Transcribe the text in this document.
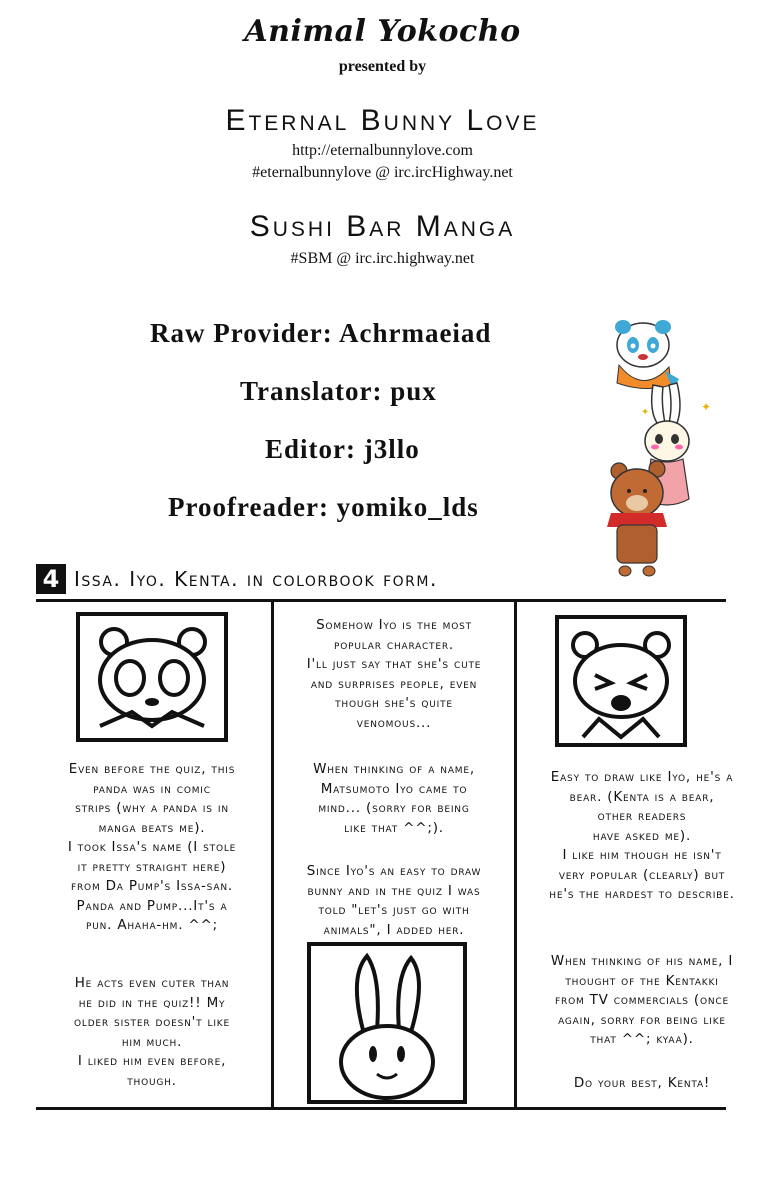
Animal Yokocho
presented by
Eternal Bunny Love
http://eternalbunnylove.com
#eternalbunnylove @ irc.ircHighway.net
Sushi Bar Manga
#SBM @ irc.irc.highway.net
Raw Provider: Achrmaeiad
Translator: pux
Editor: j3llo
Proofreader: yomiko_lds
✦	✦
4 Issa. Iyo. Kenta. in colorbook form.

Even before the quiz, this

panda was in comic

strips (why a panda is in

manga beats me).

I took Issa's name (I stole

it pretty straight here)

from Da Pump's Issa-san.

Panda and Pump...It's a

pun. Ahaha-hm. ^^;

He acts even cuter than

he did in the quiz!! My

older sister doesn't like

him much.

I liked him even before,

though.

Somehow Iyo is the most

popular character.

I'll just say that she's cute

and surprises people, even

though she's quite

venomous...

When thinking of a name,

Matsumoto Iyo came to

mind... (sorry for being

like that ^^;).

Since Iyo's an easy to draw

bunny and in the quiz I was

told "let's just go with

animals", I added her.

Easy to draw like Iyo, he's a

bear. (Kenta is a bear,

other readers

have asked me).

I like him though he isn't

very popular (clearly) but

he's the hardest to describe.

When thinking of his name, I

thought of the Kentakki

from TV commercials (once

again, sorry for being like

that ^^; kyaa).

Do your best, Kenta!
